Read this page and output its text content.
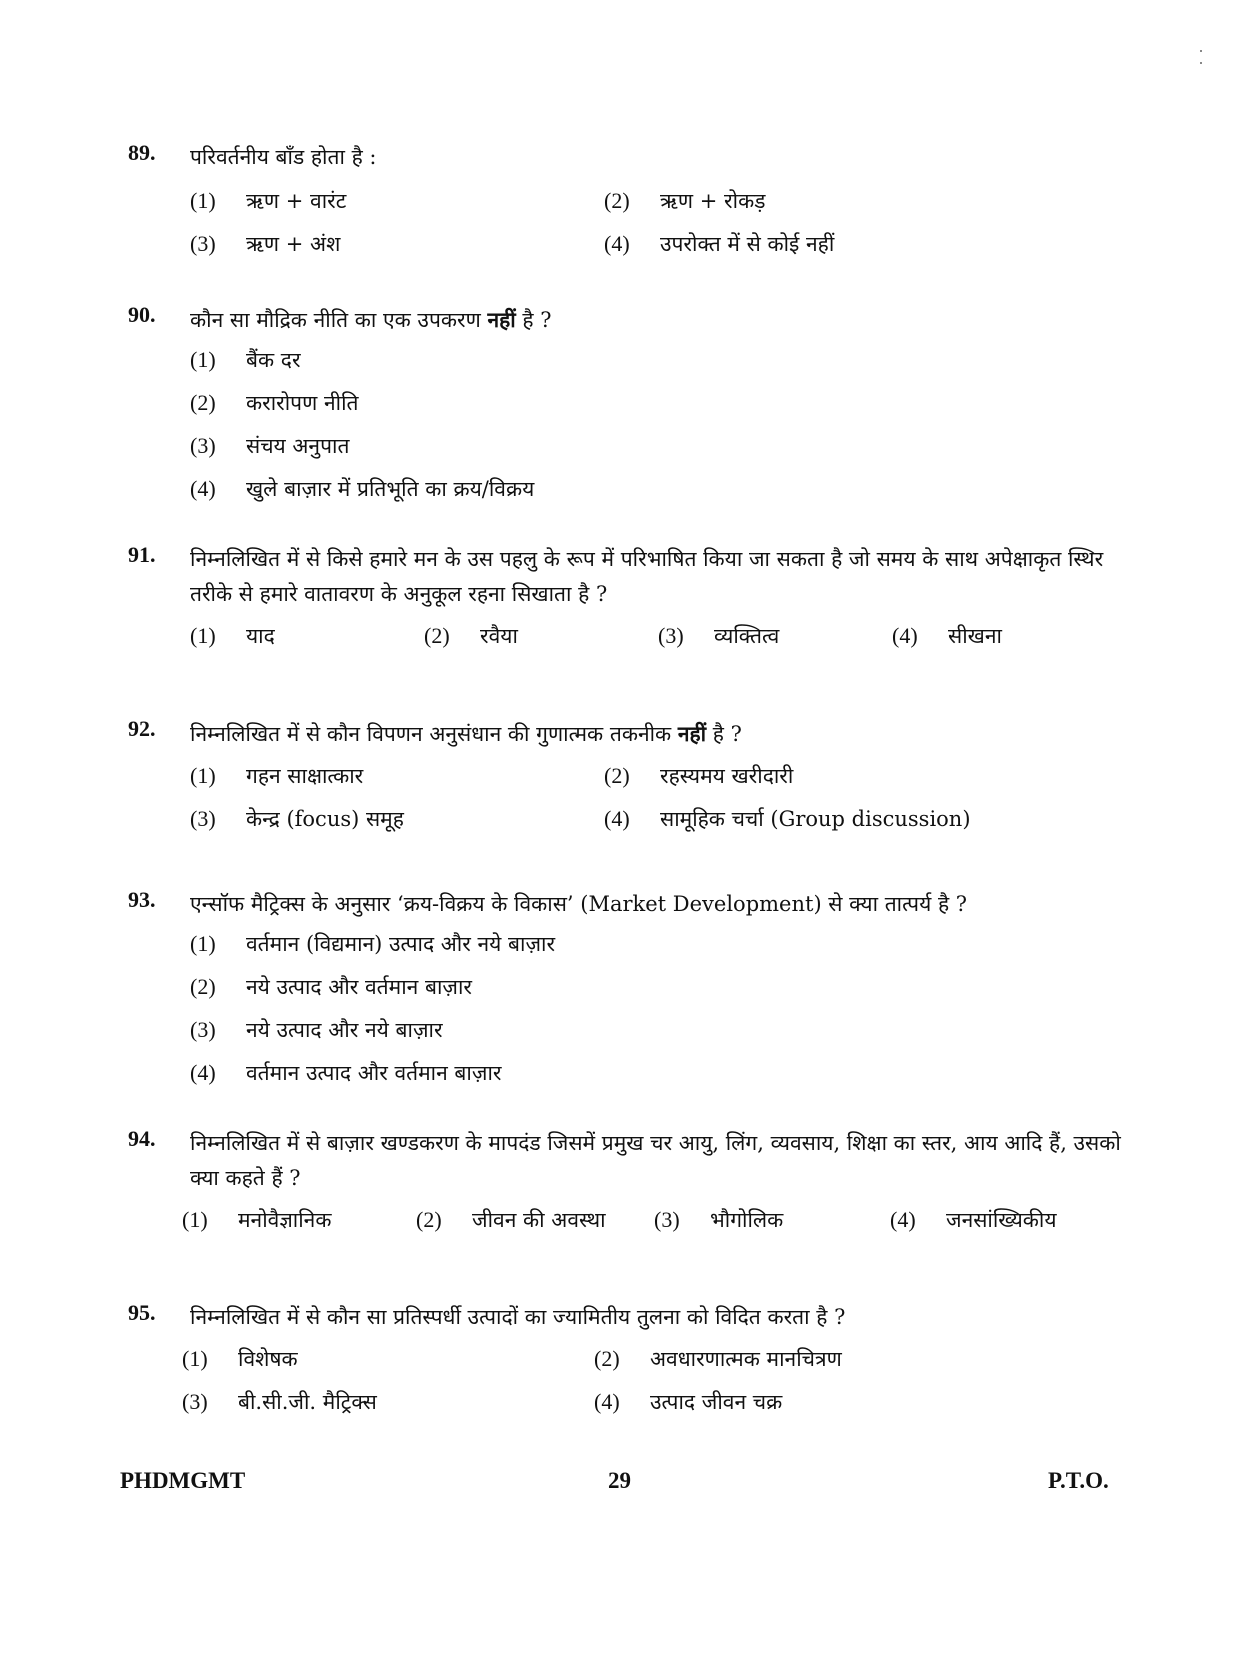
89. परिवर्तनीय बाँड होता है :
(1) ऋण + वारंट	(2) ऋण + रोकड़
(3) ऋण + अंश	(4) उपरोक्त में से कोई नहीं
90. कौन सा मौद्रिक नीति का एक उपकरण नहीं है ?
(1) बैंक दर
(2) करारोपण नीति
(3) संचय अनुपात
(4) खुले बाज़ार में प्रतिभूति का क्रय/विक्रय
91. निम्नलिखित में से किसे हमारे मन के उस पहलु के रूप में परिभाषित किया जा सकता है जो समय के साथ अपेक्षाकृत स्थिर तरीके से हमारे वातावरण के अनुकूल रहना सिखाता है ?
(1) याद	(2) रवैया	(3) व्यक्तित्व	(4) सीखना
92. निम्नलिखित में से कौन विपणन अनुसंधान की गुणात्मक तकनीक नहीं है ?
(1) गहन साक्षात्कार	(2) रहस्यमय खरीदारी
(3) केन्द्र (focus) समूह	(4) सामूहिक चर्चा (Group discussion)
93. एन्सॉफ मैट्रिक्स के अनुसार ‘क्रय-विक्रय के विकास’ (Market Development) से क्या तात्पर्य है ?
(1) वर्तमान (विद्यमान) उत्पाद और नये बाज़ार
(2) नये उत्पाद और वर्तमान बाज़ार
(3) नये उत्पाद और नये बाज़ार
(4) वर्तमान उत्पाद और वर्तमान बाज़ार
94. निम्नलिखित में से बाज़ार खण्डकरण के मापदंड जिसमें प्रमुख चर आयु, लिंग, व्यवसाय, शिक्षा का स्तर, आय आदि हैं, उसको क्या कहते हैं ?
(1) मनोवैज्ञानिक	(2) जीवन की अवस्था (3) भौगोलिक	(4) जनसांख्यिकीय
95. निम्नलिखित में से कौन सा प्रतिस्पर्धी उत्पादों का ज्यामितीय तुलना को विदित करता है ?
(1) विशेषक	(2) अवधारणात्मक मानचित्रण
(3) बी.सी.जी. मैट्रिक्स	(4) उत्पाद जीवन चक्र
PHDMGMT	29	P.T.O.
